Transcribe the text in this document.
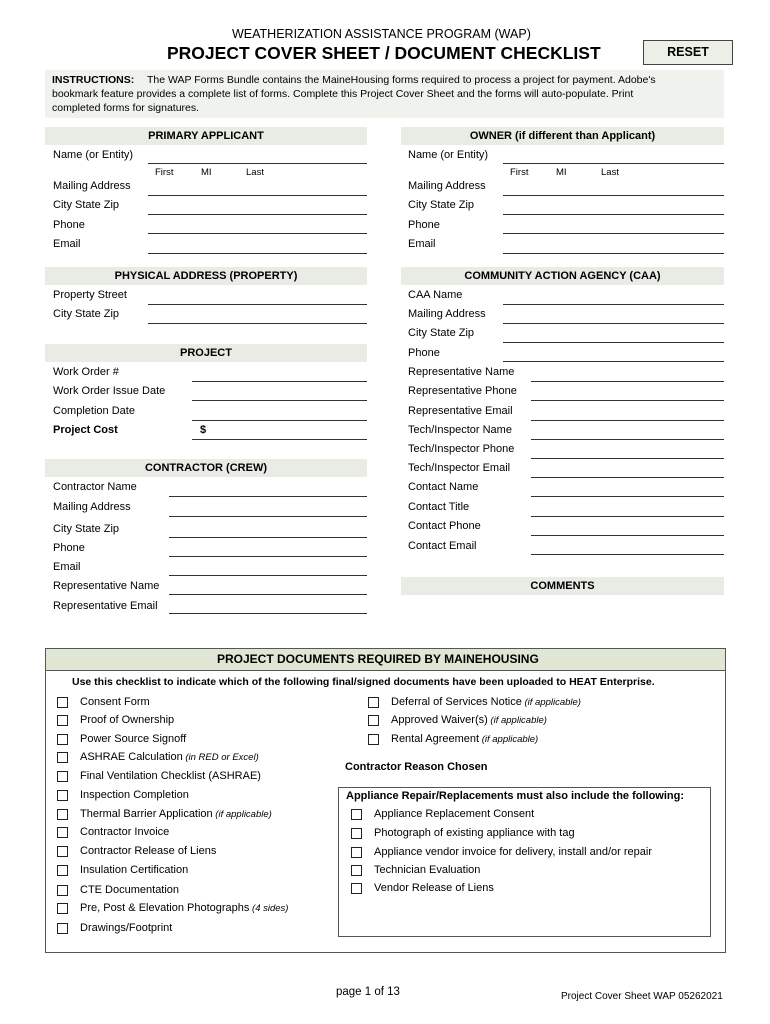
WEATHERIZATION ASSISTANCE PROGRAM (WAP)
PROJECT COVER SHEET / DOCUMENT CHECKLIST	RESET
INSTRUCTIONS: The WAP Forms Bundle contains the MaineHousing forms required to process a project for payment. Adobe's
bookmark feature provides a complete list of forms. Complete this Project Cover Sheet and the forms will auto-populate. Print
completed forms for signatures.
PRIMARY APPLICANT
Name (or Entity)
First	MI	Last
Mailing Address
City State Zip
Phone
Email
OWNER (if different than Applicant)
Name (or Entity)
First	MI	Last
Mailing Address
City State Zip
Phone
Email
PHYSICAL ADDRESS (PROPERTY)
Property Street
City State Zip
PROJECT
Work Order #
Work Order Issue Date
Completion Date
Project Cost	$
CONTRACTOR (CREW)
Contractor Name
Mailing Address
City State Zip
Phone
Email
Representative Name
Representative Email
COMMUNITY ACTION AGENCY (CAA)
CAA Name
Mailing Address
City State Zip
Phone
Representative Name
Representative Phone
Representative Email
Tech/Inspector Name
Tech/Inspector Phone
Tech/Inspector Email
Contact Name
Contact Title
Contact Phone
Contact Email
COMMENTS
PROJECT DOCUMENTS REQUIRED BY MAINEHOUSING
Use this checklist to indicate which of the following final/signed documents have been uploaded to HEAT Enterprise.
Consent Form
Proof of Ownership
Power Source Signoff
ASHRAE Calculation (in RED or Excel)
Final Ventilation Checklist (ASHRAE)
Inspection Completion
Thermal Barrier Application (if applicable)
Contractor Invoice
Contractor Release of Liens
Insulation Certification
CTE Documentation
Pre, Post & Elevation Photographs (4 sides)
Drawings/Footprint
Deferral of Services Notice (if applicable)
Approved Waiver(s) (if applicable)
Rental Agreement (if applicable)
Contractor Reason Chosen
Appliance Repair/Replacements must also include the following:
Appliance Replacement Consent
Photograph of existing appliance with tag
Appliance vendor invoice for delivery, install and/or repair
Technician Evaluation
Vendor Release of Liens
page 1 of 13	Project Cover Sheet WAP 05262021
